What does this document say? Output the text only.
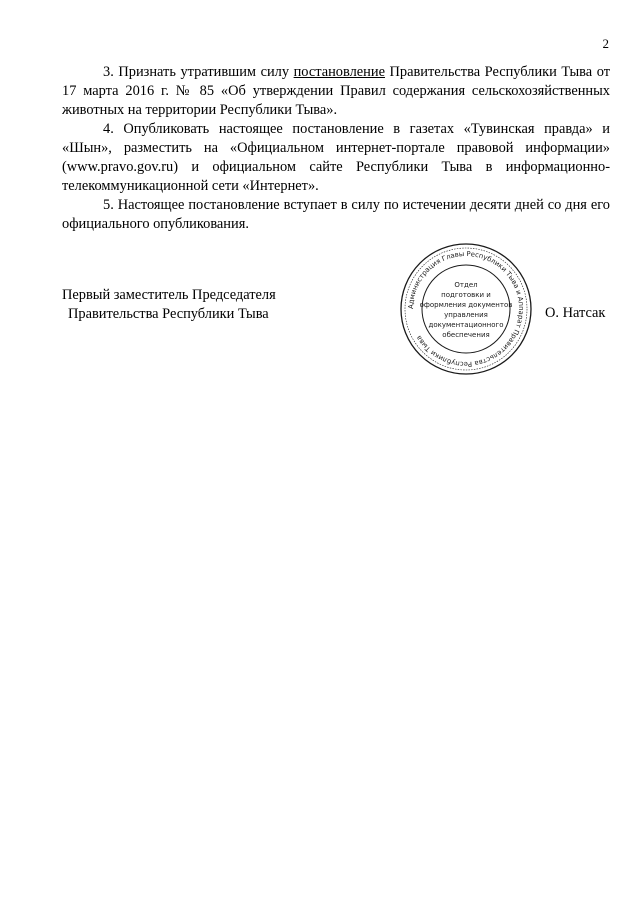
2

3. Признать утратившим силу постановление Правительства Республики Тыва от 17 марта 2016 г. № 85 «Об утверждении Правил содержания сельскохозяйственных животных на территории Республики Тыва».

4. Опубликовать настоящее постановление в газетах «Тувинская правда» и «Шын», разместить на «Официальном интернет-портале правовой информации» (www.pravo.gov.ru) и официальном сайте Республики Тыва в информационно-телекоммуникационной сети «Интернет».

5. Настоящее постановление вступает в силу по истечении десяти дней со дня его официального опубликования.

Первый заместитель Председателя
Правительства Республики Тыва	Администрация Главы Республики Тыва и Аппарат Правительства Республики Тыва
Отдел
подготовки и
оформления документов
управления
документационного
обеспечения
О. Натсак
